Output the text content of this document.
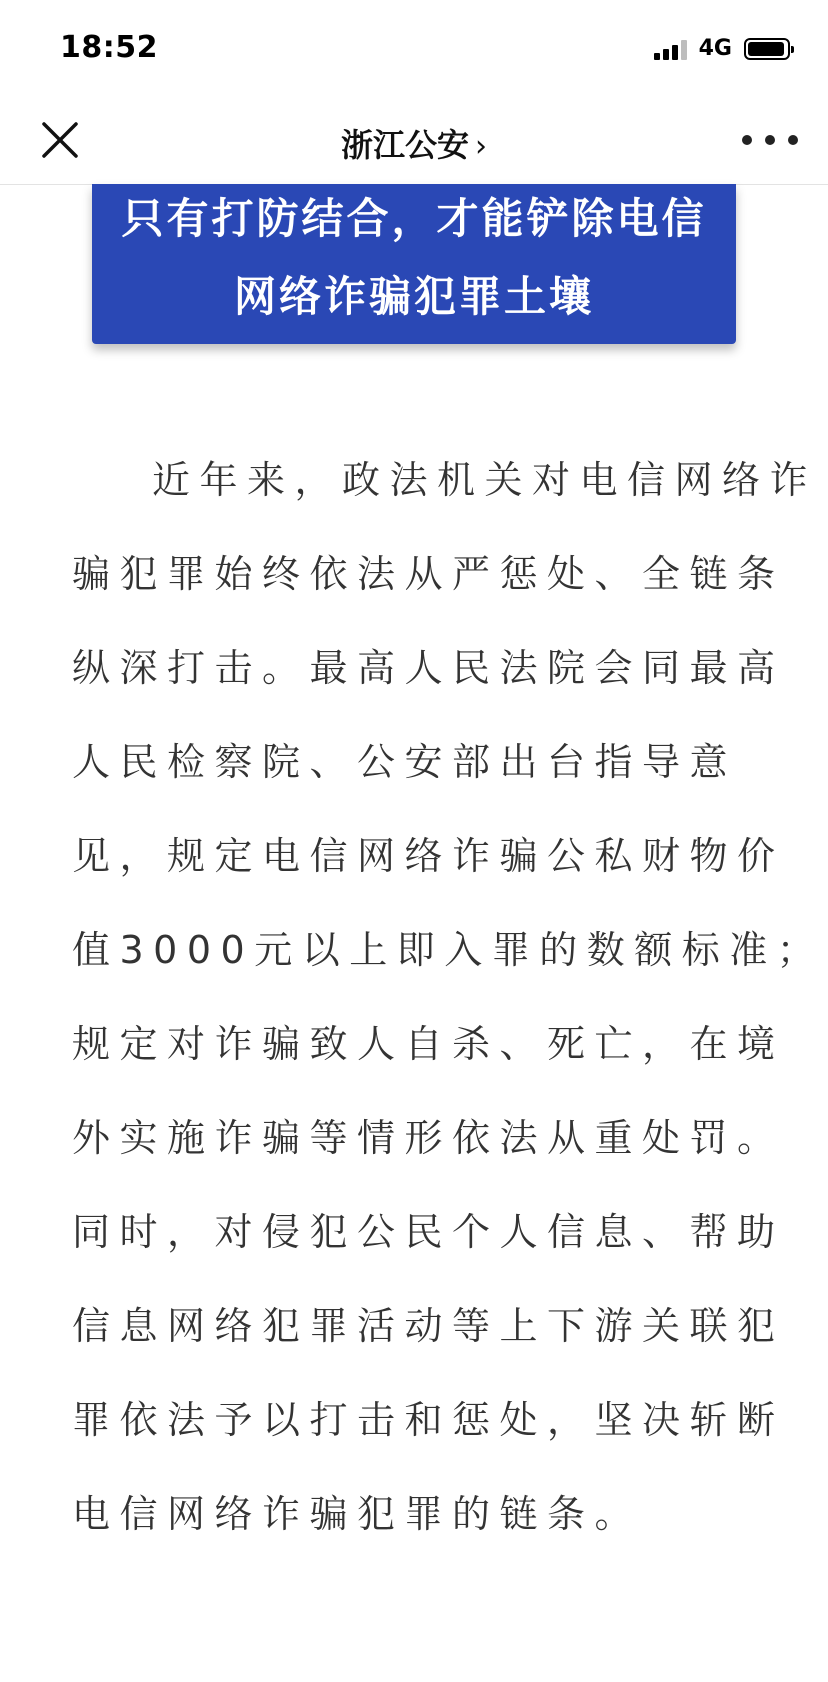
18:52	4G
浙江公安 ›
只有打防结合，才能铲除电信
网络诈骗犯罪土壤
近年来，政法机关对电信网络诈
骗犯罪始终依法从严惩处、全链条
纵深打击。最高人民法院会同最高
人民检察院、公安部出台指导意
见，规定电信网络诈骗公私财物价
值3000元以上即入罪的数额标准；
规定对诈骗致人自杀、死亡，在境
外实施诈骗等情形依法从重处罚。
同时，对侵犯公民个人信息、帮助
信息网络犯罪活动等上下游关联犯
罪依法予以打击和惩处，坚决斩断
电信网络诈骗犯罪的链条。
